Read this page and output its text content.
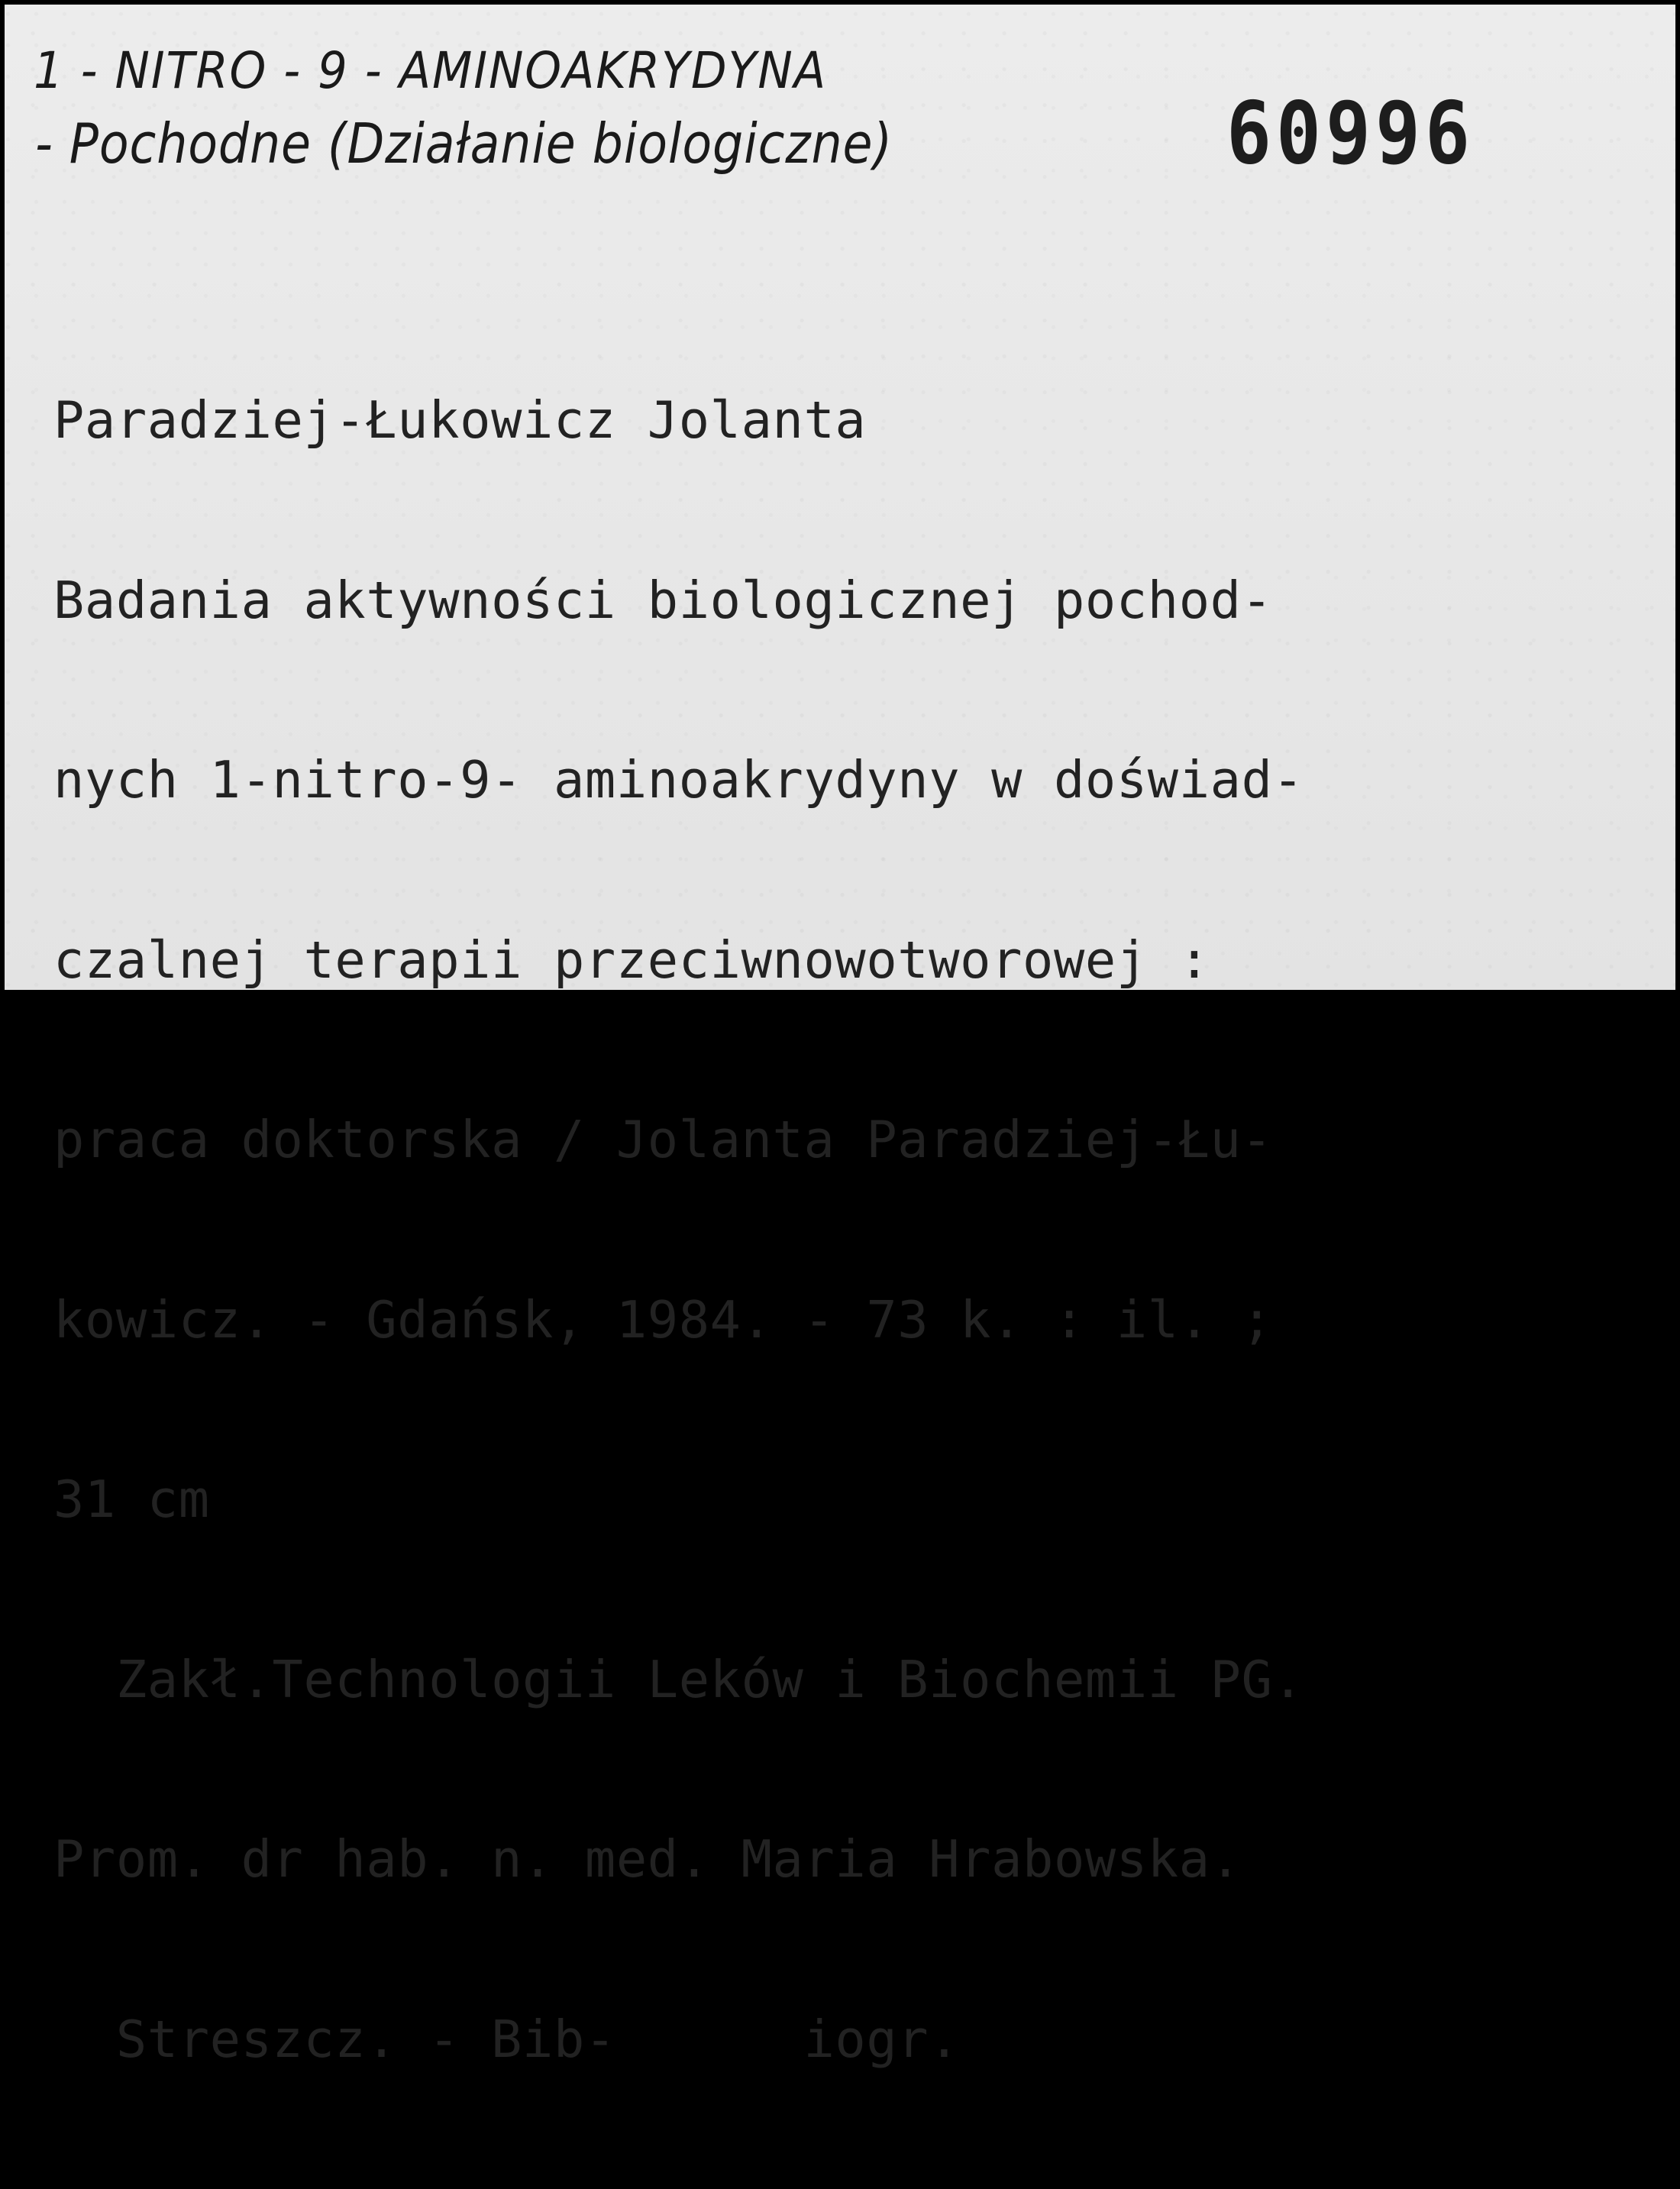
1 - NITRO - 9 - AMINOAKRYDYNA
- Pochodne (Działanie biologiczne)	60996

Paradziej-Łukowicz Jolanta

Badania aktywności biologicznej pochod-

nych 1-nitro-9- aminoakrydyny w doświad-

czalnej terapii przeciwnowotworowej :

praca doktorska / Jolanta Paradziej-Łu-

kowicz. - Gdańsk, 1984. - 73 k. : il. ;

31 cm

Zakł.Technologii Leków i Biochemii PG.

Prom. dr hab. n. med. Maria Hrabowska.

Streszcz. - Bib-      iogr.
